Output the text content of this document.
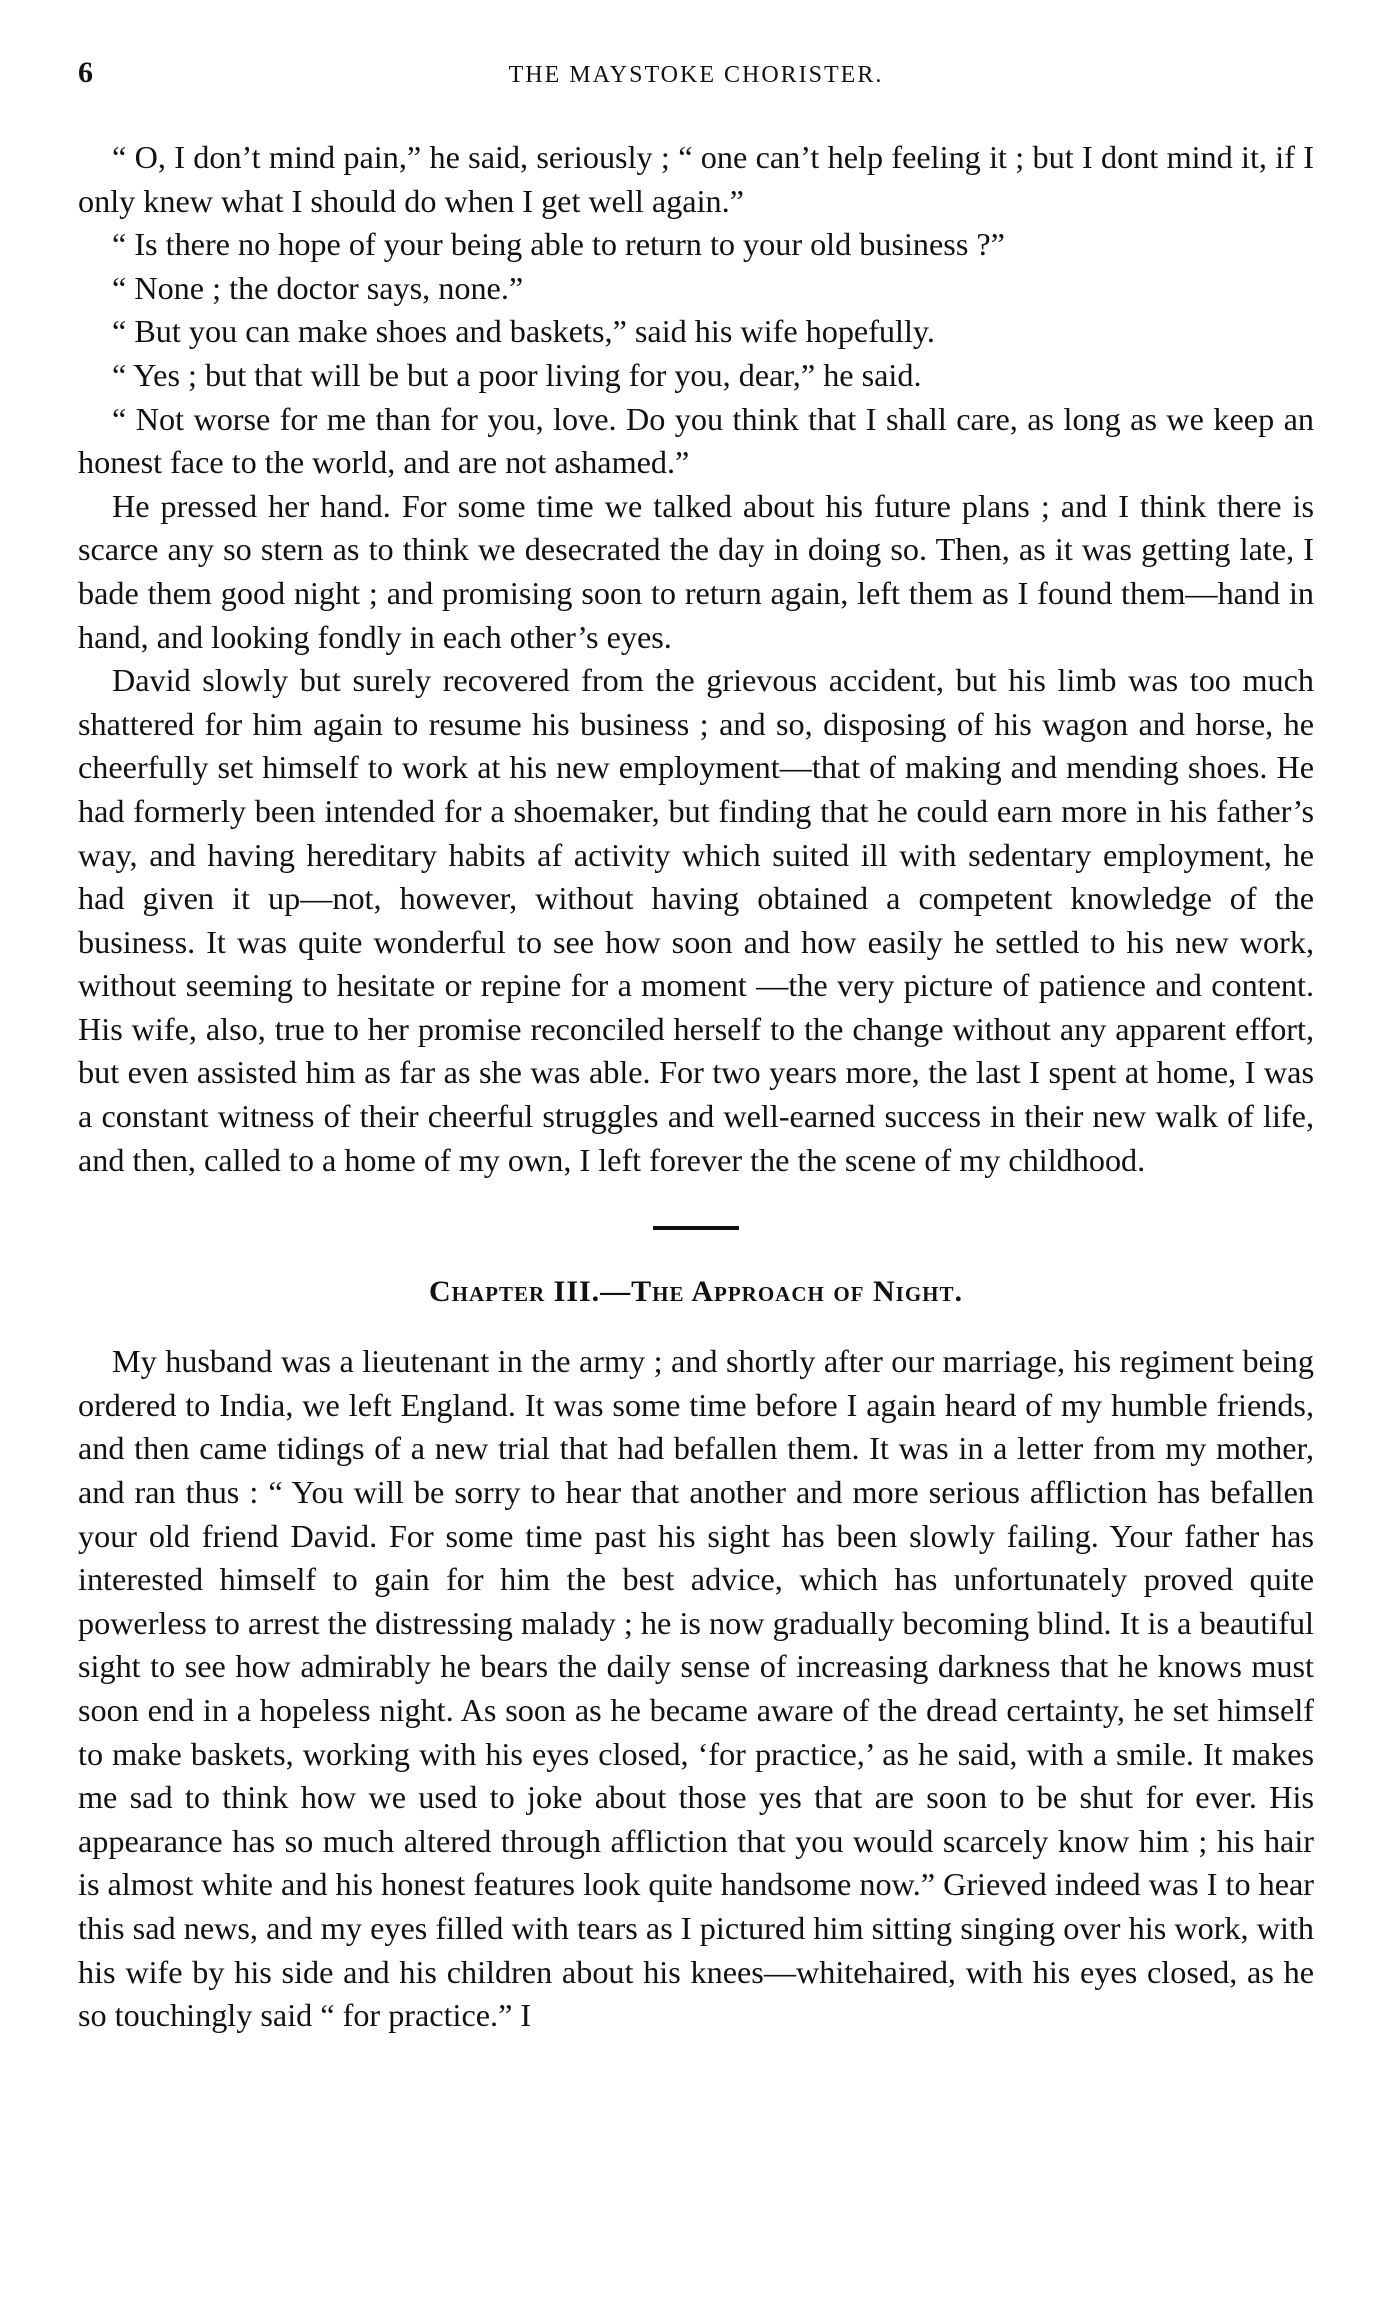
6	THE MAYSTOKE CHORISTER.

“ O, I don’t mind pain,” he said, seriously ; “ one can’t help feeling it ; but I dont mind it, if I only knew what I should do when I get well again.”

“ Is there no hope of your being able to return to your old business ?”

“ None ; the doctor says, none.”

“ But you can make shoes and baskets,” said his wife hopefully.

“ Yes ; but that will be but a poor living for you, dear,” he said.

“ Not worse for me than for you, love. Do you think that I shall care, as long as we keep an honest face to the world, and are not ashamed.”

He pressed her hand. For some time we talked about his future plans ; and I think there is scarce any so stern as to think we desecrated the day in doing so. Then, as it was getting late, I bade them good night ; and promising soon to return again, left them as I found them—hand in hand, and looking fondly in each other’s eyes.

David slowly but surely recovered from the grievous accident, but his limb was too much shattered for him again to resume his business ; and so, disposing of his wagon and horse, he cheerfully set himself to work at his new employment—that of making and mending shoes. He had formerly been intended for a shoemaker, but finding that he could earn more in his father’s way, and having hereditary habits af activity which suited ill with sedentary employment, he had given it up—not, however, without having obtained a competent knowledge of the business. It was quite wonderful to see how soon and how easily he settled to his new work, without seeming to hesitate or repine for a moment —the very picture of patience and content. His wife, also, true to her promise reconciled herself to the change without any apparent effort, but even assisted him as far as she was able. For two years more, the last I spent at home, I was a constant witness of their cheerful struggles and well-earned success in their new walk of life, and then, called to a home of my own, I left forever the the scene of my childhood.

Chapter III.—The Approach of Night.

My husband was a lieutenant in the army ; and shortly after our marriage, his regiment being ordered to India, we left England. It was some time before I again heard of my humble friends, and then came tidings of a new trial that had befallen them. It was in a letter from my mother, and ran thus : “ You will be sorry to hear that another and more serious affliction has befallen your old friend David. For some time past his sight has been slowly failing. Your father has interested himself to gain for him the best advice, which has unfortunately proved quite powerless to arrest the distressing malady ; he is now gradually becoming blind. It is a beautiful sight to see how admirably he bears the daily sense of increasing darkness that he knows must soon end in a hopeless night. As soon as he became aware of the dread certainty, he set himself to make baskets, working with his eyes closed, ‘for practice,’ as he said, with a smile. It makes me sad to think how we used to joke about those yes that are soon to be shut for ever. His appearance has so much altered through affliction that you would scarcely know him ; his hair is almost white and his honest features look quite handsome now.” Grieved indeed was I to hear this sad news, and my eyes filled with tears as I pictured him sitting singing over his work, with his wife by his side and his children about his knees—whitehaired, with his eyes closed, as he so touchingly said “ for practice.” I
